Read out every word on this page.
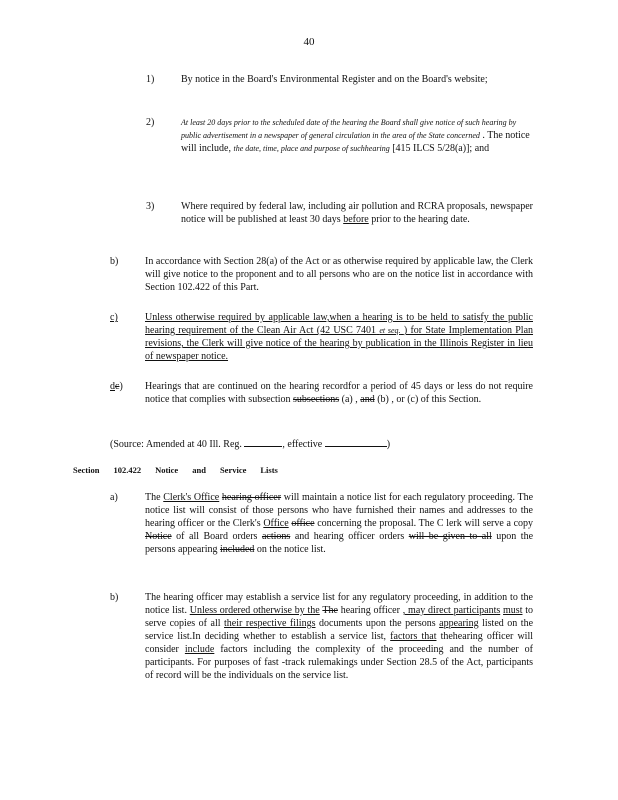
40
1)	By notice in the Board's Environmental Register and on the Board's website;
2)	At least 20 days prior to the scheduled date of the hearing the Board shall give notice of such hearing by public advertisement in a newspaper of general circulation in the area of the State concerned . The notice will include, the date, time, place and purpose of suchhearing [415 ILCS 5/28(a)]; and
3)	Where required by federal law, including air pollution and RCRA proposals, newspaper notice will be published at least 30 days before prior to the hearing date.
b)	In accordance with Section 28(a) of the Act or as otherwise required by applicable law, the Clerk will give notice to the proponent and to all persons who are on the notice list in accordance with Section 102.422 of this Part.
c)	Unless otherwise required by applicable law,when a hearing is to be held to satisfy the public hearing requirement of the Clean Air Act (42 USC 7401 et seq. ) for State Implementation Plan revisions, the Clerk will give notice of the hearing by publication in the Illinois Register in lieu of newspaper notice.
dc) Hearings that are continued on the hearing recordfor a period of 45 days or less do not require notice that complies with subsection subsections (a) , and (b) , or (c) of this Section.
(Source: Amended at 40 Ill. Reg.	, effective	)
Section 102.422 Notice and Service Lists
a)	The Clerk's Office hearing officer will maintain a notice list for each regulatory proceeding. The notice list will consist of those persons who have furnished their names and addresses to the hearing officer or the Clerk's Office office concerning the proposal. The C lerk will serve a copy Notice of all Board orders actions and hearing officer orders will be given to all upon the persons appearing included on the notice list.
b)	The hearing officer may establish a service list for any regulatory proceeding, in addition to the notice list. Unless ordered otherwise by the The hearing officer , may direct participants must to serve copies of all their respective filings documents upon the persons appearing listed on the service list.In deciding whether to establish a service list, factors that thehearing officer will consider include factors including the complexity of the proceeding and the number of participants. For purposes of fast -track rulemakings under Section 28.5 of the Act, participants of record will be the individuals on the service list.
